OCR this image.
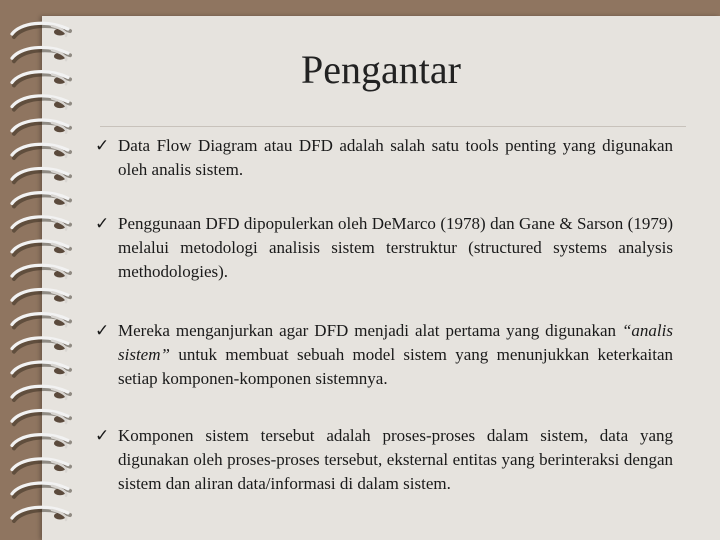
Pengantar
✓ Data Flow Diagram atau DFD adalah salah satu tools penting yang digunakan oleh analis sistem.
✓ Penggunaan DFD dipopulerkan oleh DeMarco (1978) dan Gane & Sarson (1979) melalui metodologi analisis sistem terstruktur (structured systems analysis methodologies).
✓ Mereka menganjurkan agar DFD menjadi alat pertama yang digunakan “analis sistem” untuk membuat sebuah model sistem yang menunjukkan keterkaitan setiap komponen-komponen sistemnya.
✓ Komponen sistem tersebut adalah proses-proses dalam sistem, data yang digunakan oleh proses-proses tersebut, eksternal entitas yang berinteraksi dengan sistem dan aliran data/informasi di dalam sistem.
